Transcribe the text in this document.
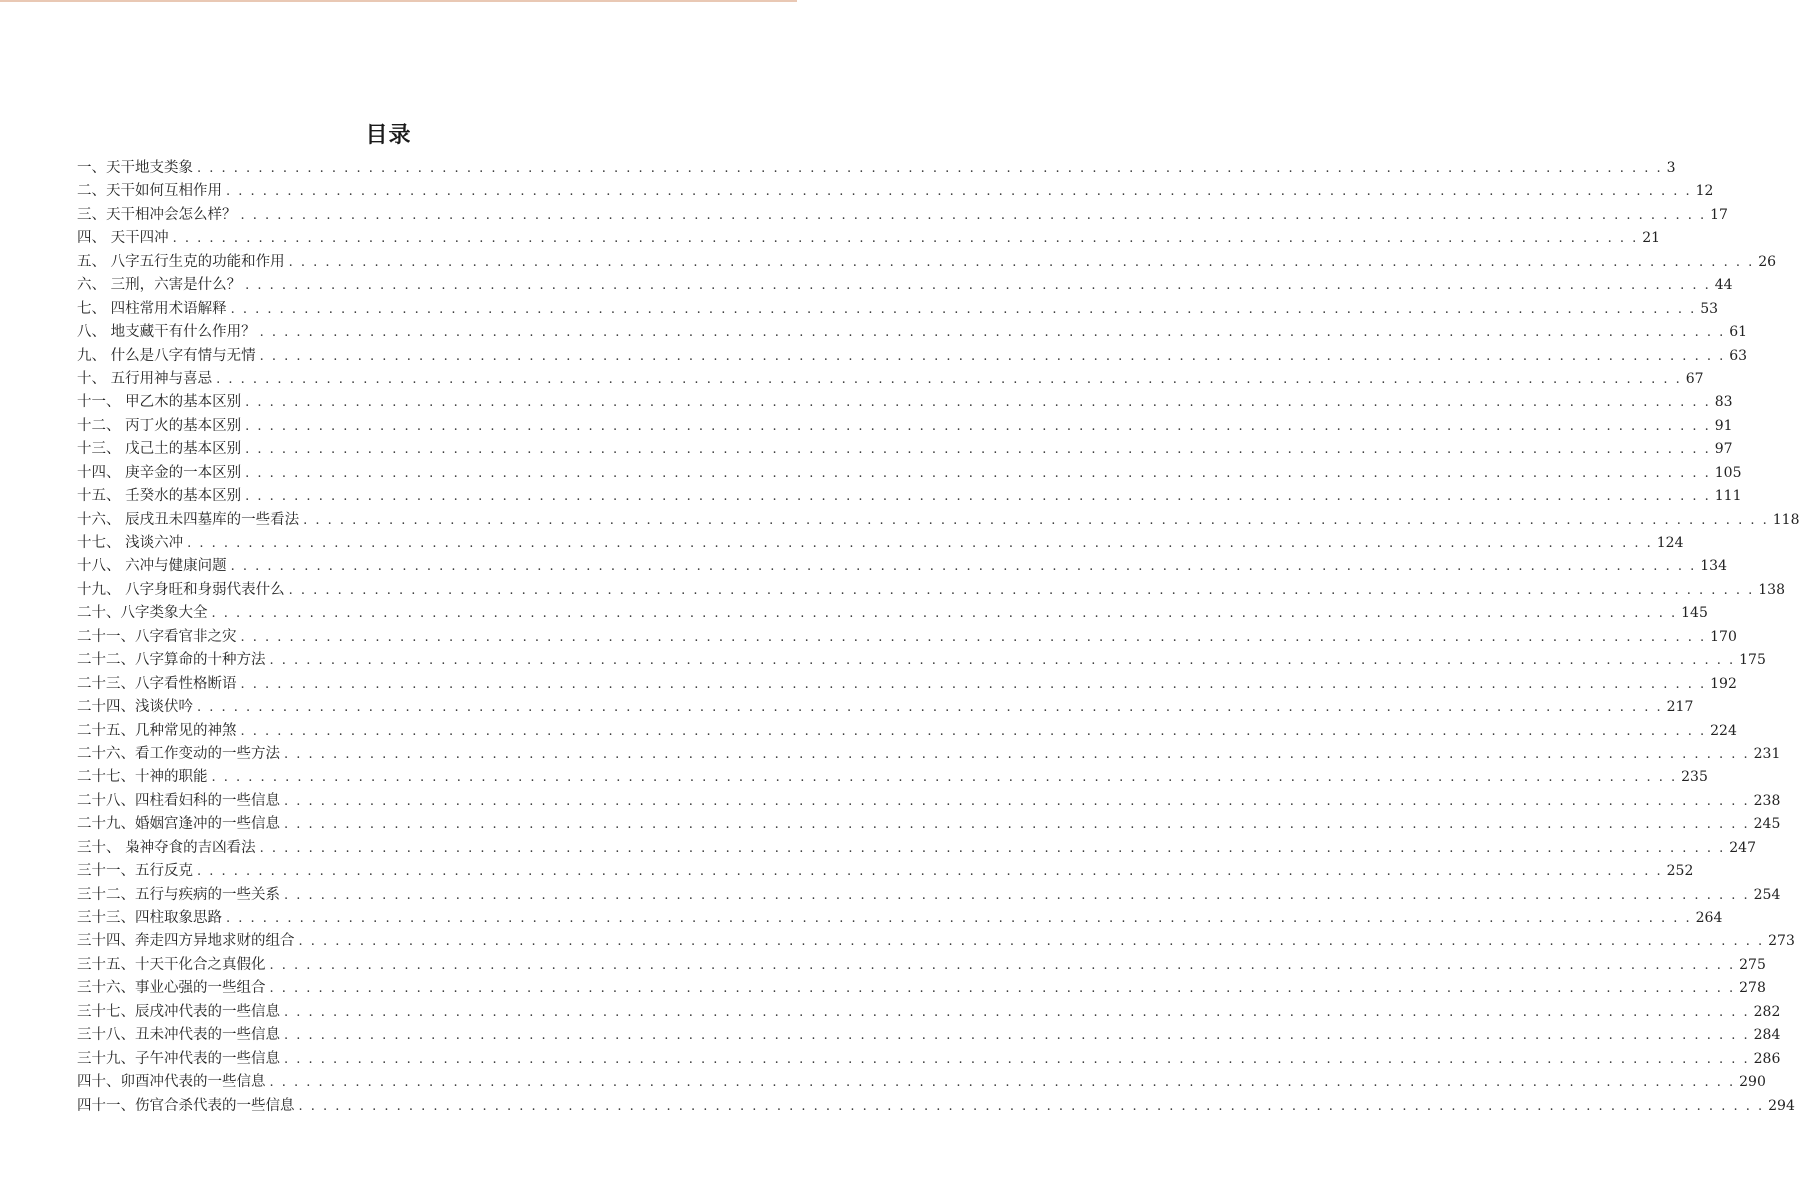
目录
一、天干地支类象 . . . . . . . . . . . . . . . . . . . . . . . . . . . . . . . . . . . . . . . . . . . . . . . . . . . . . . . . . . . . . . . . . . . . . . . . . . . . . . . . . . . . . . . . . . . . . . . . . . . . . . . . . . . . . . . . . . . . . . . . 3
二、天干如何互相作用 . . . . . . . . . . . . . . . . . . . . . . . . . . . . . . . . . . . . . . . . . . . . . . . . . . . . . . . . . . . . . . . . . . . . . . . . . . . . . . . . . . . . . . . . . . . . . . . . . . . . . . . . . . . . . . . . . . . . . . . . 12
三、天干相冲会怎么样？ . . . . . . . . . . . . . . . . . . . . . . . . . . . . . . . . . . . . . . . . . . . . . . . . . . . . . . . . . . . . . . . . . . . . . . . . . . . . . . . . . . . . . . . . . . . . . . . . . . . . . . . . . . . . . . . . . . . . . . . . 17
四、 天干四冲 . . . . . . . . . . . . . . . . . . . . . . . . . . . . . . . . . . . . . . . . . . . . . . . . . . . . . . . . . . . . . . . . . . . . . . . . . . . . . . . . . . . . . . . . . . . . . . . . . . . . . . . . . . . . . . . . . . . . . . . . 21
五、 八字五行生克的功能和作用 . . . . . . . . . . . . . . . . . . . . . . . . . . . . . . . . . . . . . . . . . . . . . . . . . . . . . . . . . . . . . . . . . . . . . . . . . . . . . . . . . . . . . . . . . . . . . . . . . . . . . . . . . . . . . . . . . . . . . . . . 26
六、 三刑，六害是什么？ . . . . . . . . . . . . . . . . . . . . . . . . . . . . . . . . . . . . . . . . . . . . . . . . . . . . . . . . . . . . . . . . . . . . . . . . . . . . . . . . . . . . . . . . . . . . . . . . . . . . . . . . . . . . . . . . . . . . . . . . 44
七、 四柱常用术语解释 . . . . . . . . . . . . . . . . . . . . . . . . . . . . . . . . . . . . . . . . . . . . . . . . . . . . . . . . . . . . . . . . . . . . . . . . . . . . . . . . . . . . . . . . . . . . . . . . . . . . . . . . . . . . . . . . . . . . . . . . 53
八、 地支藏干有什么作用？ . . . . . . . . . . . . . . . . . . . . . . . . . . . . . . . . . . . . . . . . . . . . . . . . . . . . . . . . . . . . . . . . . . . . . . . . . . . . . . . . . . . . . . . . . . . . . . . . . . . . . . . . . . . . . . . . . . . . . . . . 61
九、 什么是八字有情与无情 . . . . . . . . . . . . . . . . . . . . . . . . . . . . . . . . . . . . . . . . . . . . . . . . . . . . . . . . . . . . . . . . . . . . . . . . . . . . . . . . . . . . . . . . . . . . . . . . . . . . . . . . . . . . . . . . . . . . . . . . 63
十、 五行用神与喜忌 . . . . . . . . . . . . . . . . . . . . . . . . . . . . . . . . . . . . . . . . . . . . . . . . . . . . . . . . . . . . . . . . . . . . . . . . . . . . . . . . . . . . . . . . . . . . . . . . . . . . . . . . . . . . . . . . . . . . . . . . 67
十一、 甲乙木的基本区别 . . . . . . . . . . . . . . . . . . . . . . . . . . . . . . . . . . . . . . . . . . . . . . . . . . . . . . . . . . . . . . . . . . . . . . . . . . . . . . . . . . . . . . . . . . . . . . . . . . . . . . . . . . . . . . . . . . . . . . . . 83
十二、 丙丁火的基本区别 . . . . . . . . . . . . . . . . . . . . . . . . . . . . . . . . . . . . . . . . . . . . . . . . . . . . . . . . . . . . . . . . . . . . . . . . . . . . . . . . . . . . . . . . . . . . . . . . . . . . . . . . . . . . . . . . . . . . . . . . 91
十三、 戊己土的基本区别 . . . . . . . . . . . . . . . . . . . . . . . . . . . . . . . . . . . . . . . . . . . . . . . . . . . . . . . . . . . . . . . . . . . . . . . . . . . . . . . . . . . . . . . . . . . . . . . . . . . . . . . . . . . . . . . . . . . . . . . . 97
十四、 庚辛金的一本区别 . . . . . . . . . . . . . . . . . . . . . . . . . . . . . . . . . . . . . . . . . . . . . . . . . . . . . . . . . . . . . . . . . . . . . . . . . . . . . . . . . . . . . . . . . . . . . . . . . . . . . . . . . . . . . . . . . . . . . . . . 105
十五、 壬癸水的基本区别 . . . . . . . . . . . . . . . . . . . . . . . . . . . . . . . . . . . . . . . . . . . . . . . . . . . . . . . . . . . . . . . . . . . . . . . . . . . . . . . . . . . . . . . . . . . . . . . . . . . . . . . . . . . . . . . . . . . . . . . . 111
十六、 辰戌丑未四墓库的一些看法 . . . . . . . . . . . . . . . . . . . . . . . . . . . . . . . . . . . . . . . . . . . . . . . . . . . . . . . . . . . . . . . . . . . . . . . . . . . . . . . . . . . . . . . . . . . . . . . . . . . . . . . . . . . . . . . . . . . . . . . . 118
十七、 浅谈六冲 . . . . . . . . . . . . . . . . . . . . . . . . . . . . . . . . . . . . . . . . . . . . . . . . . . . . . . . . . . . . . . . . . . . . . . . . . . . . . . . . . . . . . . . . . . . . . . . . . . . . . . . . . . . . . . . . . . . . . . . . 124
十八、 六冲与健康问题 . . . . . . . . . . . . . . . . . . . . . . . . . . . . . . . . . . . . . . . . . . . . . . . . . . . . . . . . . . . . . . . . . . . . . . . . . . . . . . . . . . . . . . . . . . . . . . . . . . . . . . . . . . . . . . . . . . . . . . . . 134
十九、 八字身旺和身弱代表什么 . . . . . . . . . . . . . . . . . . . . . . . . . . . . . . . . . . . . . . . . . . . . . . . . . . . . . . . . . . . . . . . . . . . . . . . . . . . . . . . . . . . . . . . . . . . . . . . . . . . . . . . . . . . . . . . . . . . . . . . . 138
二十、八字类象大全 . . . . . . . . . . . . . . . . . . . . . . . . . . . . . . . . . . . . . . . . . . . . . . . . . . . . . . . . . . . . . . . . . . . . . . . . . . . . . . . . . . . . . . . . . . . . . . . . . . . . . . . . . . . . . . . . . . . . . . . . 145
二十一、八字看官非之灾 . . . . . . . . . . . . . . . . . . . . . . . . . . . . . . . . . . . . . . . . . . . . . . . . . . . . . . . . . . . . . . . . . . . . . . . . . . . . . . . . . . . . . . . . . . . . . . . . . . . . . . . . . . . . . . . . . . . . . . . . 170
二十二、八字算命的十种方法 . . . . . . . . . . . . . . . . . . . . . . . . . . . . . . . . . . . . . . . . . . . . . . . . . . . . . . . . . . . . . . . . . . . . . . . . . . . . . . . . . . . . . . . . . . . . . . . . . . . . . . . . . . . . . . . . . . . . . . . . 175
二十三、八字看性格断语 . . . . . . . . . . . . . . . . . . . . . . . . . . . . . . . . . . . . . . . . . . . . . . . . . . . . . . . . . . . . . . . . . . . . . . . . . . . . . . . . . . . . . . . . . . . . . . . . . . . . . . . . . . . . . . . . . . . . . . . . 192
二十四、浅谈伏吟 . . . . . . . . . . . . . . . . . . . . . . . . . . . . . . . . . . . . . . . . . . . . . . . . . . . . . . . . . . . . . . . . . . . . . . . . . . . . . . . . . . . . . . . . . . . . . . . . . . . . . . . . . . . . . . . . . . . . . . . . 217
二十五、几种常见的神煞 . . . . . . . . . . . . . . . . . . . . . . . . . . . . . . . . . . . . . . . . . . . . . . . . . . . . . . . . . . . . . . . . . . . . . . . . . . . . . . . . . . . . . . . . . . . . . . . . . . . . . . . . . . . . . . . . . . . . . . . . 224
二十六、看工作变动的一些方法 . . . . . . . . . . . . . . . . . . . . . . . . . . . . . . . . . . . . . . . . . . . . . . . . . . . . . . . . . . . . . . . . . . . . . . . . . . . . . . . . . . . . . . . . . . . . . . . . . . . . . . . . . . . . . . . . . . . . . . . . 231
二十七、十神的职能 . . . . . . . . . . . . . . . . . . . . . . . . . . . . . . . . . . . . . . . . . . . . . . . . . . . . . . . . . . . . . . . . . . . . . . . . . . . . . . . . . . . . . . . . . . . . . . . . . . . . . . . . . . . . . . . . . . . . . . . . 235
二十八、四柱看妇科的一些信息 . . . . . . . . . . . . . . . . . . . . . . . . . . . . . . . . . . . . . . . . . . . . . . . . . . . . . . . . . . . . . . . . . . . . . . . . . . . . . . . . . . . . . . . . . . . . . . . . . . . . . . . . . . . . . . . . . . . . . . . . 238
二十九、婚姻宫逢冲的一些信息 . . . . . . . . . . . . . . . . . . . . . . . . . . . . . . . . . . . . . . . . . . . . . . . . . . . . . . . . . . . . . . . . . . . . . . . . . . . . . . . . . . . . . . . . . . . . . . . . . . . . . . . . . . . . . . . . . . . . . . . . 245
三十、 枭神夺食的吉凶看法 . . . . . . . . . . . . . . . . . . . . . . . . . . . . . . . . . . . . . . . . . . . . . . . . . . . . . . . . . . . . . . . . . . . . . . . . . . . . . . . . . . . . . . . . . . . . . . . . . . . . . . . . . . . . . . . . . . . . . . . . 247
三十一、五行反克 . . . . . . . . . . . . . . . . . . . . . . . . . . . . . . . . . . . . . . . . . . . . . . . . . . . . . . . . . . . . . . . . . . . . . . . . . . . . . . . . . . . . . . . . . . . . . . . . . . . . . . . . . . . . . . . . . . . . . . . . 252
三十二、五行与疾病的一些关系 . . . . . . . . . . . . . . . . . . . . . . . . . . . . . . . . . . . . . . . . . . . . . . . . . . . . . . . . . . . . . . . . . . . . . . . . . . . . . . . . . . . . . . . . . . . . . . . . . . . . . . . . . . . . . . . . . . . . . . . . 254
三十三、四柱取象思路 . . . . . . . . . . . . . . . . . . . . . . . . . . . . . . . . . . . . . . . . . . . . . . . . . . . . . . . . . . . . . . . . . . . . . . . . . . . . . . . . . . . . . . . . . . . . . . . . . . . . . . . . . . . . . . . . . . . . . . . . 264
三十四、奔走四方异地求财的组合 . . . . . . . . . . . . . . . . . . . . . . . . . . . . . . . . . . . . . . . . . . . . . . . . . . . . . . . . . . . . . . . . . . . . . . . . . . . . . . . . . . . . . . . . . . . . . . . . . . . . . . . . . . . . . . . . . . . . . . . . 273
三十五、十天干化合之真假化 . . . . . . . . . . . . . . . . . . . . . . . . . . . . . . . . . . . . . . . . . . . . . . . . . . . . . . . . . . . . . . . . . . . . . . . . . . . . . . . . . . . . . . . . . . . . . . . . . . . . . . . . . . . . . . . . . . . . . . . . 275
三十六、事业心强的一些组合 . . . . . . . . . . . . . . . . . . . . . . . . . . . . . . . . . . . . . . . . . . . . . . . . . . . . . . . . . . . . . . . . . . . . . . . . . . . . . . . . . . . . . . . . . . . . . . . . . . . . . . . . . . . . . . . . . . . . . . . . 278
三十七、辰戌冲代表的一些信息 . . . . . . . . . . . . . . . . . . . . . . . . . . . . . . . . . . . . . . . . . . . . . . . . . . . . . . . . . . . . . . . . . . . . . . . . . . . . . . . . . . . . . . . . . . . . . . . . . . . . . . . . . . . . . . . . . . . . . . . . 282
三十八、丑未冲代表的一些信息 . . . . . . . . . . . . . . . . . . . . . . . . . . . . . . . . . . . . . . . . . . . . . . . . . . . . . . . . . . . . . . . . . . . . . . . . . . . . . . . . . . . . . . . . . . . . . . . . . . . . . . . . . . . . . . . . . . . . . . . . 284
三十九、子午冲代表的一些信息 . . . . . . . . . . . . . . . . . . . . . . . . . . . . . . . . . . . . . . . . . . . . . . . . . . . . . . . . . . . . . . . . . . . . . . . . . . . . . . . . . . . . . . . . . . . . . . . . . . . . . . . . . . . . . . . . . . . . . . . . 286
四十、卯酉冲代表的一些信息 . . . . . . . . . . . . . . . . . . . . . . . . . . . . . . . . . . . . . . . . . . . . . . . . . . . . . . . . . . . . . . . . . . . . . . . . . . . . . . . . . . . . . . . . . . . . . . . . . . . . . . . . . . . . . . . . . . . . . . . . 290
四十一、伤官合杀代表的一些信息 . . . . . . . . . . . . . . . . . . . . . . . . . . . . . . . . . . . . . . . . . . . . . . . . . . . . . . . . . . . . . . . . . . . . . . . . . . . . . . . . . . . . . . . . . . . . . . . . . . . . . . . . . . . . . . . . . . . . . . . . 294
